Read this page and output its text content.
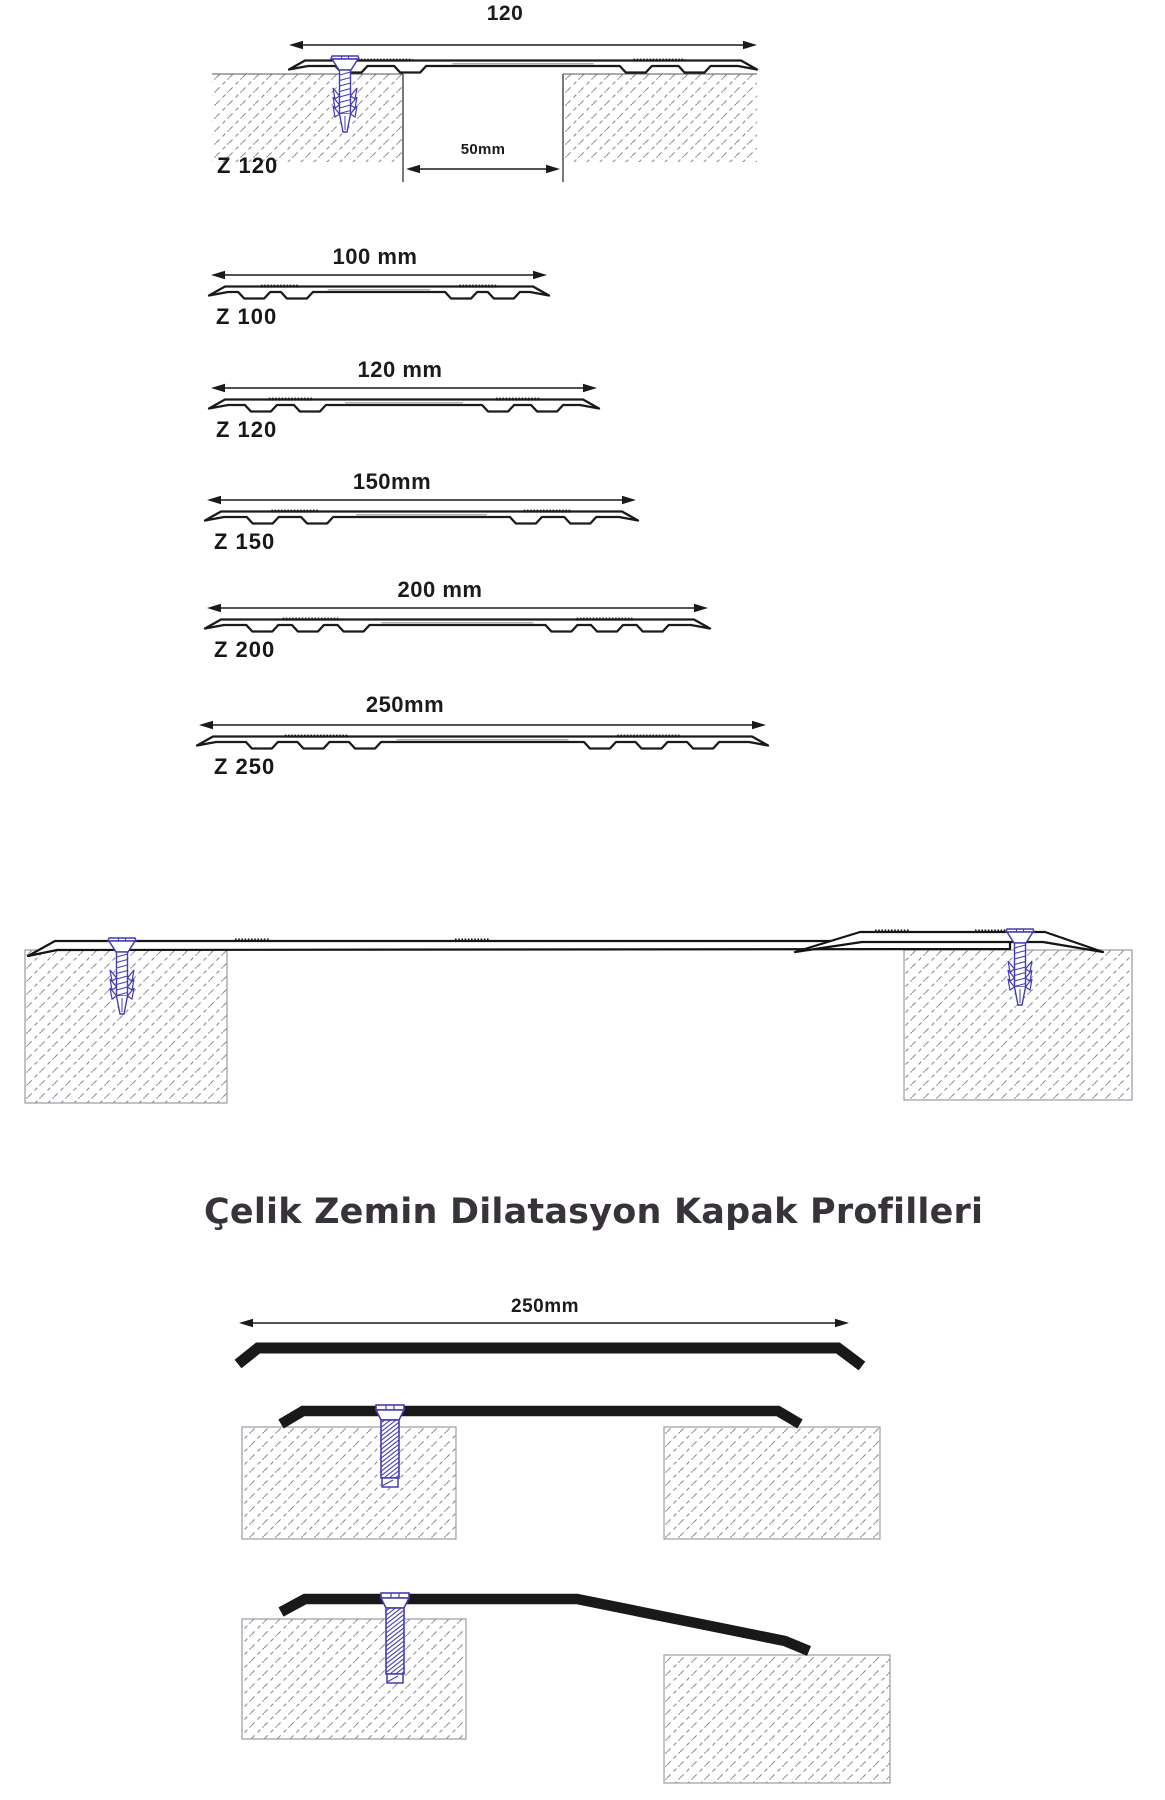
120
50mm
Z 120
100 mm
Z 100
120 mm
Z 120
150mm
Z 150
200 mm
Z 200
250mm
Z 250
Çelik Zemin Dilatasyon Kapak Profilleri
250mm
